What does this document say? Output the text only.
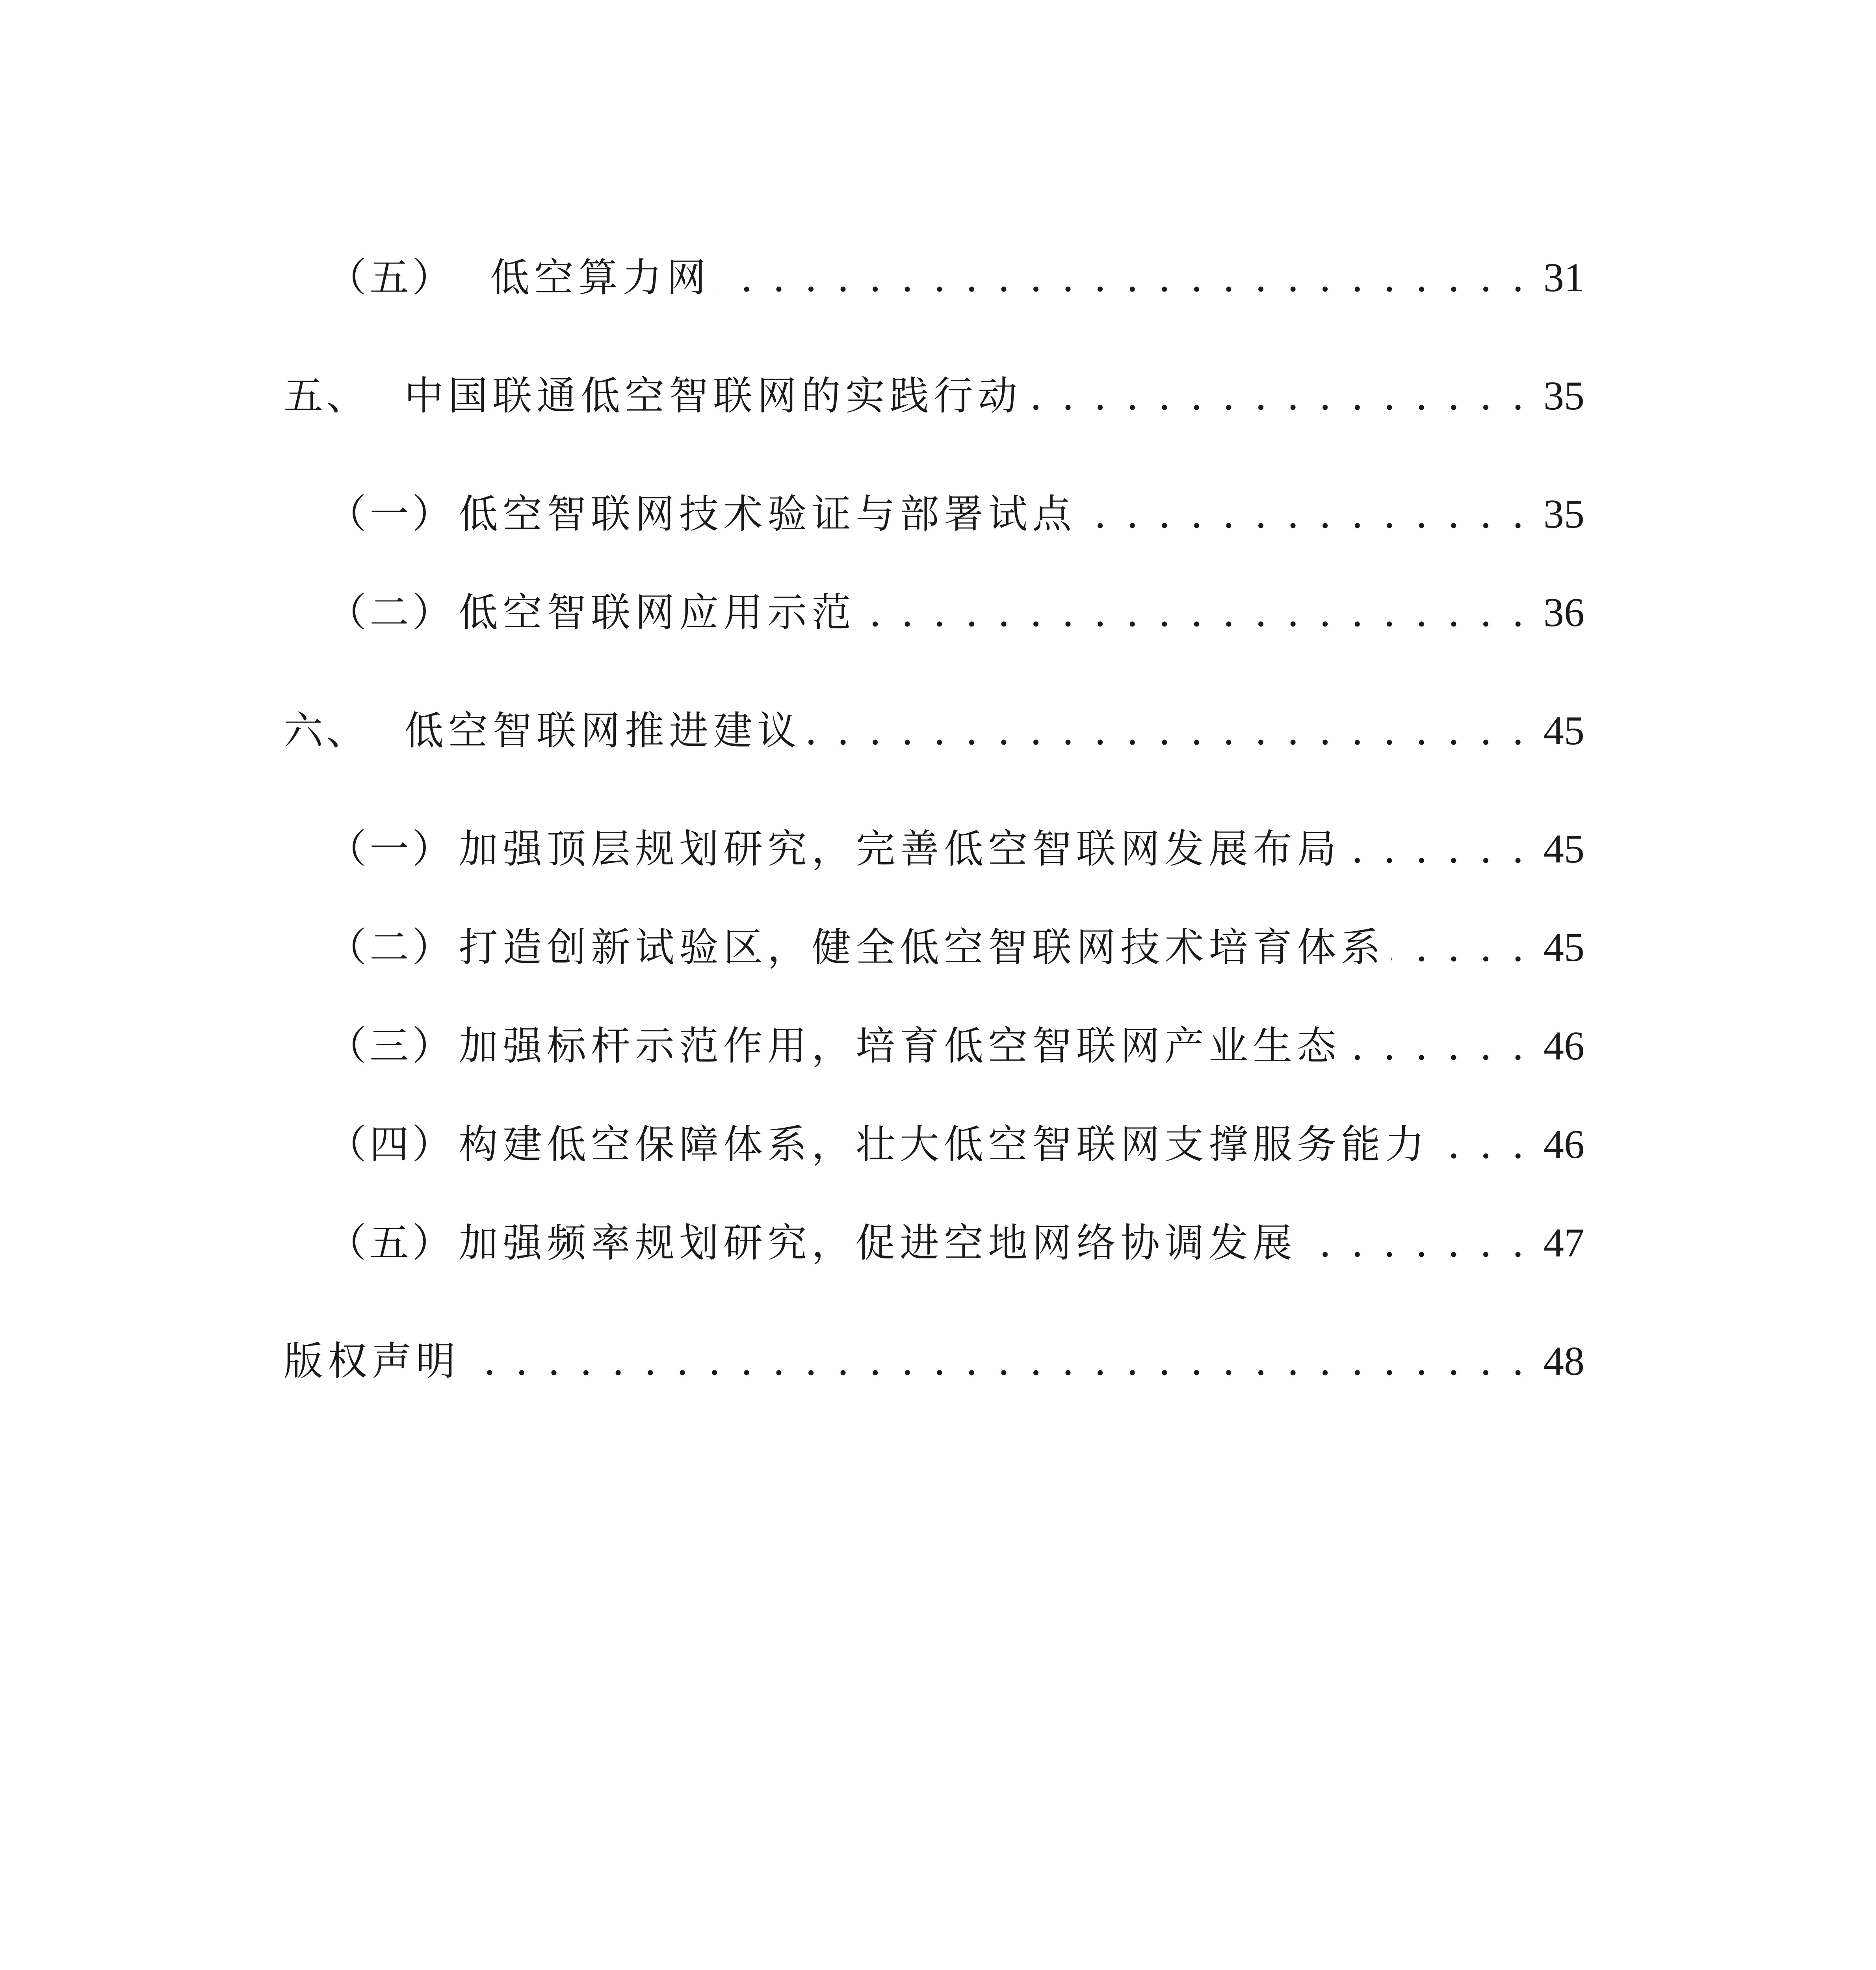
（五） 低空算力网 . . .	31
五、 中国联通低空智联网的实践行动 . . .	35
（一） 低空智联网技术验证与部署试点 . . .	35
（二） 低空智联网应用示范 . . .	36
六、 低空智联网推进建议 . . .	45
（一） 加强顶层规划研究，完善低空智联网发展布局 . . .	45
（二） 打造创新试验区，健全低空智联网技术培育体系 . . .	45
（三） 加强标杆示范作用，培育低空智联网产业生态 . . .	46
（四） 构建低空保障体系，壮大低空智联网支撑服务能力 . . .	46
（五） 加强频率规划研究，促进空地网络协调发展 . . .	47
版权声明 . . .	48
